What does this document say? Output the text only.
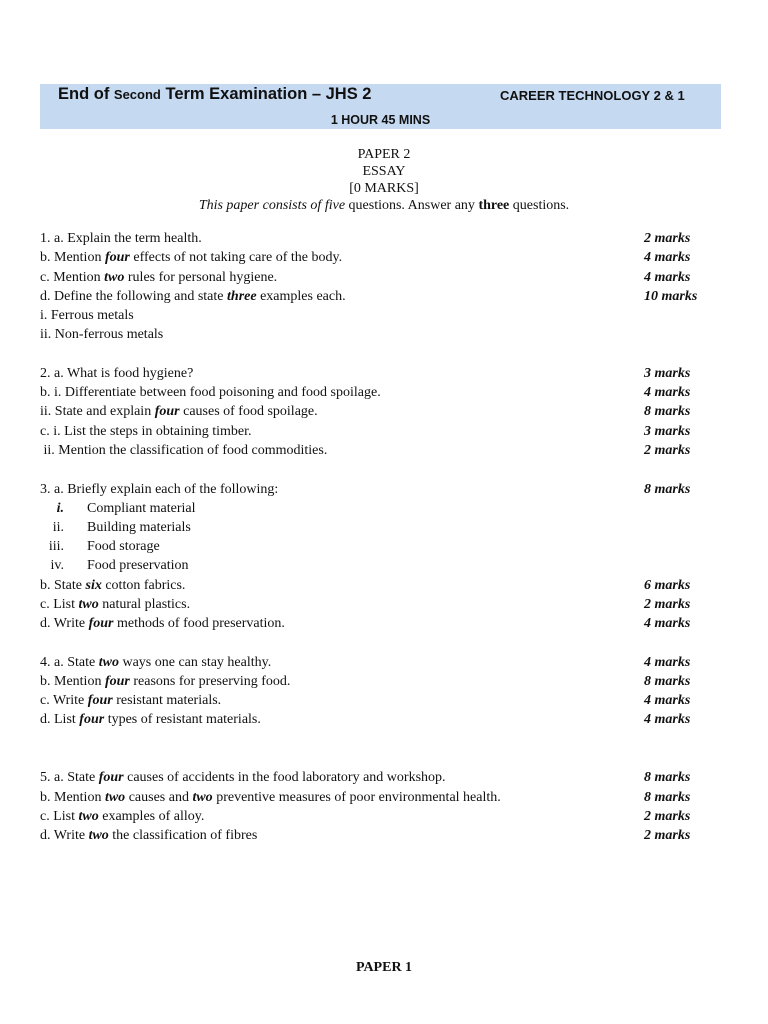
End of Second Term Examination – JHS 2	CAREER TECHNOLOGY 2 & 1
1 HOUR 45 MINS
PAPER 2
ESSAY
[0 MARKS]
This paper consists of five questions. Answer any three questions.
1. a. Explain the term health.	2 marks
b. Mention four effects of not taking care of the body.	4 marks
c. Mention two rules for personal hygiene.	4 marks
d. Define the following and state three examples each.	10 marks
i. Ferrous metals
ii. Non-ferrous metals
2. a. What is food hygiene?	3 marks
b. i. Differentiate between food poisoning and food spoilage.	4 marks
ii. State and explain four causes of food spoilage.	8 marks
c. i. List the steps in obtaining timber.	3 marks
ii. Mention the classification of food commodities.	2 marks
3. a. Briefly explain each of the following:	8 marks
i. Compliant material
ii. Building materials
iii. Food storage
iv. Food preservation
b. State six cotton fabrics.	6 marks
c. List two natural plastics.	2 marks
d. Write four methods of food preservation.	4 marks
4. a. State two ways one can stay healthy.	4 marks
b. Mention four reasons for preserving food.	8 marks
c. Write four resistant materials.	4 marks
d. List four types of resistant materials.	4 marks
5. a. State four causes of accidents in the food laboratory and workshop.	8 marks
b. Mention two causes and two preventive measures of poor environmental health.	8 marks
c. List two examples of alloy.	2 marks
d. Write two the classification of fibres	2 marks
PAPER 1
